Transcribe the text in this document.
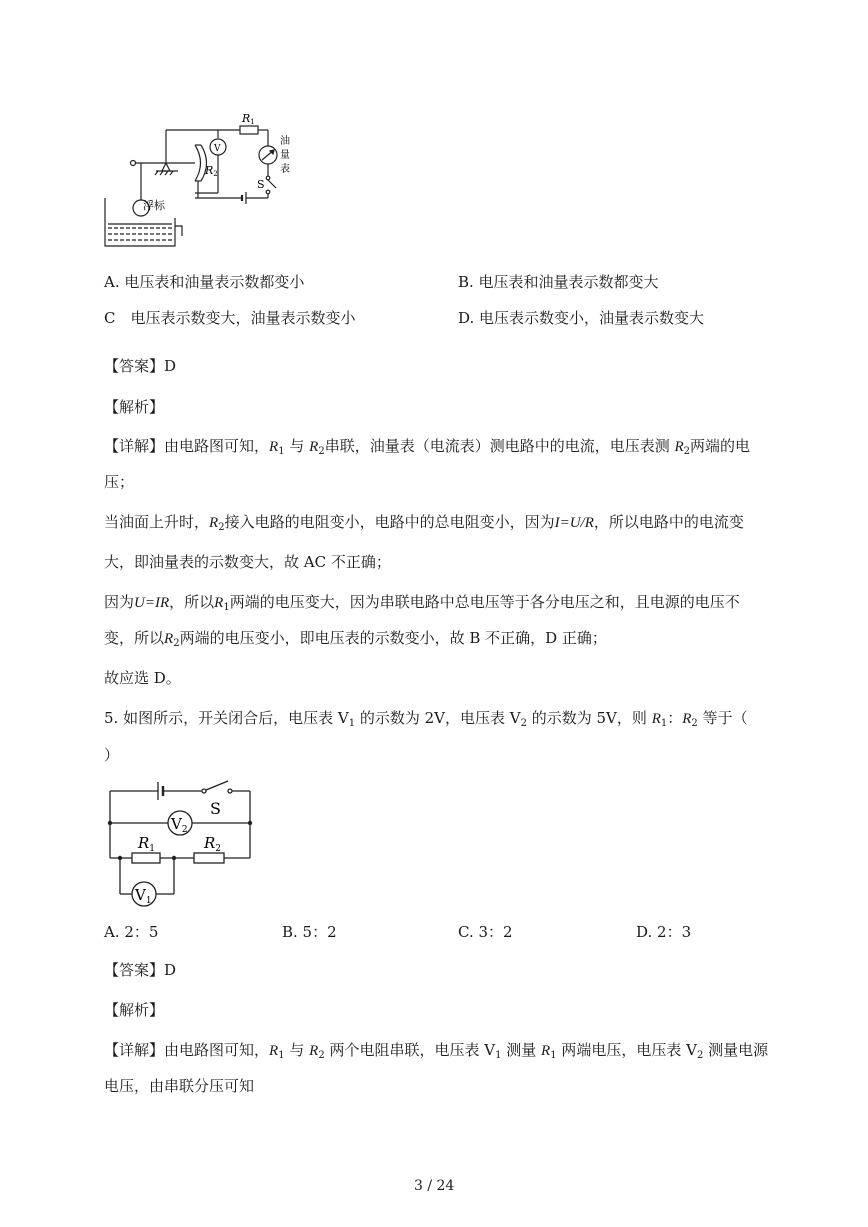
R1
R2
V
油
量
表
S
浮标
A. 电压表和油量表示数都变小	B. 电压表和油量表示数都变大
C 电压表示数变大，油量表示数变小	D. 电压表示数变小，油量表示数变大
【答案】D
【解析】
【详解】由电路图可知，$R_1$ 与 $R_2$串联，油量表（电流表）测电路中的电流，电压表测 $R_2$两端的电
压；
当油面上升时，$R_2$接入电路的电阻变小，电路中的总电阻变小，因为I=U/R，所以电路中的电流变
大，即油量表的示数变大，故 AC 不正确；
因为U=IR，所以$R_1$两端的电压变大，因为串联电路中总电压等于各分电压之和，且电源的电压不
变，所以$R_2$两端的电压变小，即电压表的示数变小，故 B 不正确，D 正确；
故应选 D。
5. 如图所示，开关闭合后，电压表 $V_1$ 的示数为 2V，电压表 $V_2$ 的示数为 5V，则 $R_1$：$R_2$ 等于（
）
$V_2$
$V_1$
S
$R_1$	$R_2$
A. 2：5	B. 5：2	C. 3：2	D. 2：3
【答案】D
【解析】
【详解】由电路图可知，$R_1$ 与 $R_2$ 两个电阻串联，电压表 $V_1$ 测量 $R_1$ 两端电压，电压表 $V_2$ 测量电源
电压，由串联分压可知
3 / 24
